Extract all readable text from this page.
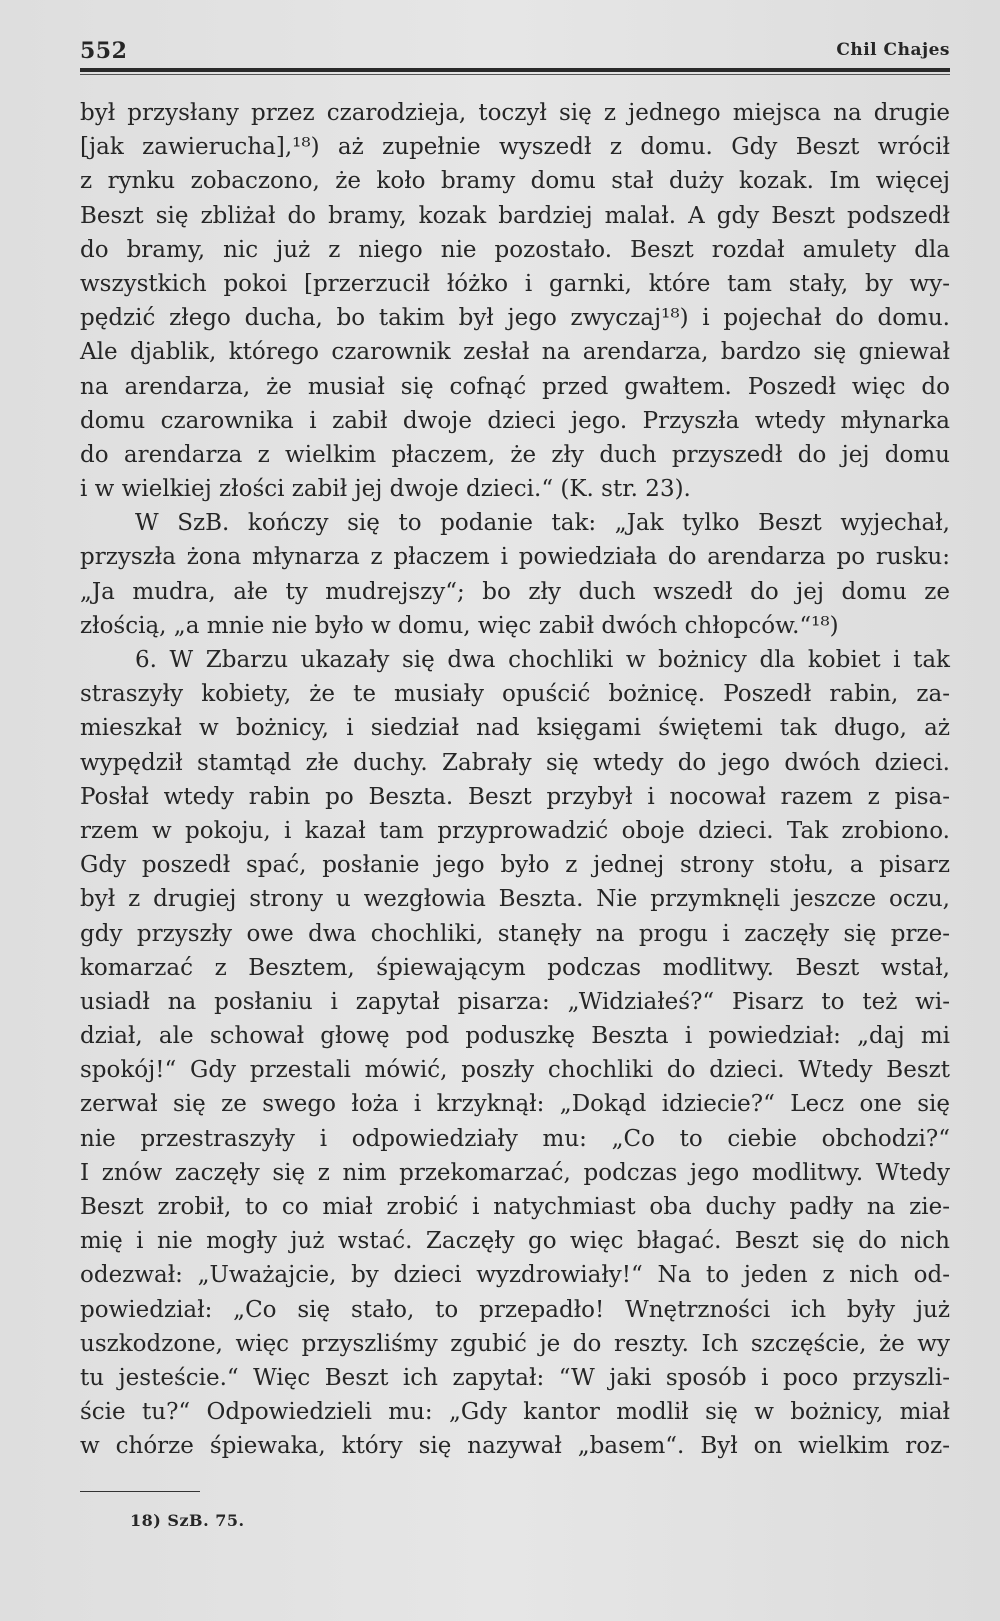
552	Chil Chajes
był przysłany przez czarodzieja, toczył się z jednego miejsca na drugie
[jak zawierucha],¹⁸) aż zupełnie wyszedł z domu. Gdy Beszt wrócił
z rynku zobaczono, że koło bramy domu stał duży kozak. Im więcej
Beszt się zbliżał do bramy, kozak bardziej malał. A gdy Beszt podszedł
do bramy, nic już z niego nie pozostało. Beszt rozdał amulety dla
wszystkich pokoi [przerzucił łóżko i garnki, które tam stały, by wy-
pędzić złego ducha, bo takim był jego zwyczaj¹⁸) i pojechał do domu.
Ale djablik, którego czarownik zesłał na arendarza, bardzo się gniewał
na arendarza, że musiał się cofnąć przed gwałtem. Poszedł więc do
domu czarownika i zabił dwoje dzieci jego. Przyszła wtedy młynarka
do arendarza z wielkim płaczem, że zły duch przyszedł do jej domu
i w wielkiej złości zabił jej dwoje dzieci.“ (K. str. 23).
W SzB. kończy się to podanie tak: „Jak tylko Beszt wyjechał,
przyszła żona młynarza z płaczem i powiedziała do arendarza po rusku:
„Ja mudra, ałe ty mudrejszy“; bo zły duch wszedł do jej domu ze
złością, „a mnie nie było w domu, więc zabił dwóch chłopców.“¹⁸)
6. W Zbarzu ukazały się dwa chochliki w bożnicy dla kobiet i tak
straszyły kobiety, że te musiały opuścić bożnicę. Poszedł rabin, za-
mieszkał w bożnicy, i siedział nad księgami świętemi tak długo, aż
wypędził stamtąd złe duchy. Zabrały się wtedy do jego dwóch dzieci.
Posłał wtedy rabin po Beszta. Beszt przybył i nocował razem z pisa-
rzem w pokoju, i kazał tam przyprowadzić oboje dzieci. Tak zrobiono.
Gdy poszedł spać, posłanie jego było z jednej strony stołu, a pisarz
był z drugiej strony u wezgłowia Beszta. Nie przymknęli jeszcze oczu,
gdy przyszły owe dwa chochliki, stanęły na progu i zaczęły się prze-
komarzać z Besztem, śpiewającym podczas modlitwy. Beszt wstał,
usiadł na posłaniu i zapytał pisarza: „Widziałeś?“ Pisarz to też wi-
dział, ale schował głowę pod poduszkę Beszta i powiedział: „daj mi
spokój!“ Gdy przestali mówić, poszły chochliki do dzieci. Wtedy Beszt
zerwał się ze swego łoża i krzyknął: „Dokąd idziecie?“ Lecz one się
nie przestraszyły i odpowiedziały mu: „Co to ciebie obchodzi?“
I znów zaczęły się z nim przekomarzać, podczas jego modlitwy. Wtedy
Beszt zrobił, to co miał zrobić i natychmiast oba duchy padły na zie-
mię i nie mogły już wstać. Zaczęły go więc błagać. Beszt się do nich
odezwał: „Uważajcie, by dzieci wyzdrowiały!“ Na to jeden z nich od-
powiedział: „Co się stało, to przepadło! Wnętrzności ich były już
uszkodzone, więc przyszliśmy zgubić je do reszty. Ich szczęście, że wy
tu jesteście.“ Więc Beszt ich zapytał: “W jaki sposób i poco przyszli-
ście tu?“ Odpowiedzieli mu: „Gdy kantor modlił się w bożnicy, miał
w chórze śpiewaka, który się nazywał „basem“. Był on wielkim roz-
18) SzB. 75.
